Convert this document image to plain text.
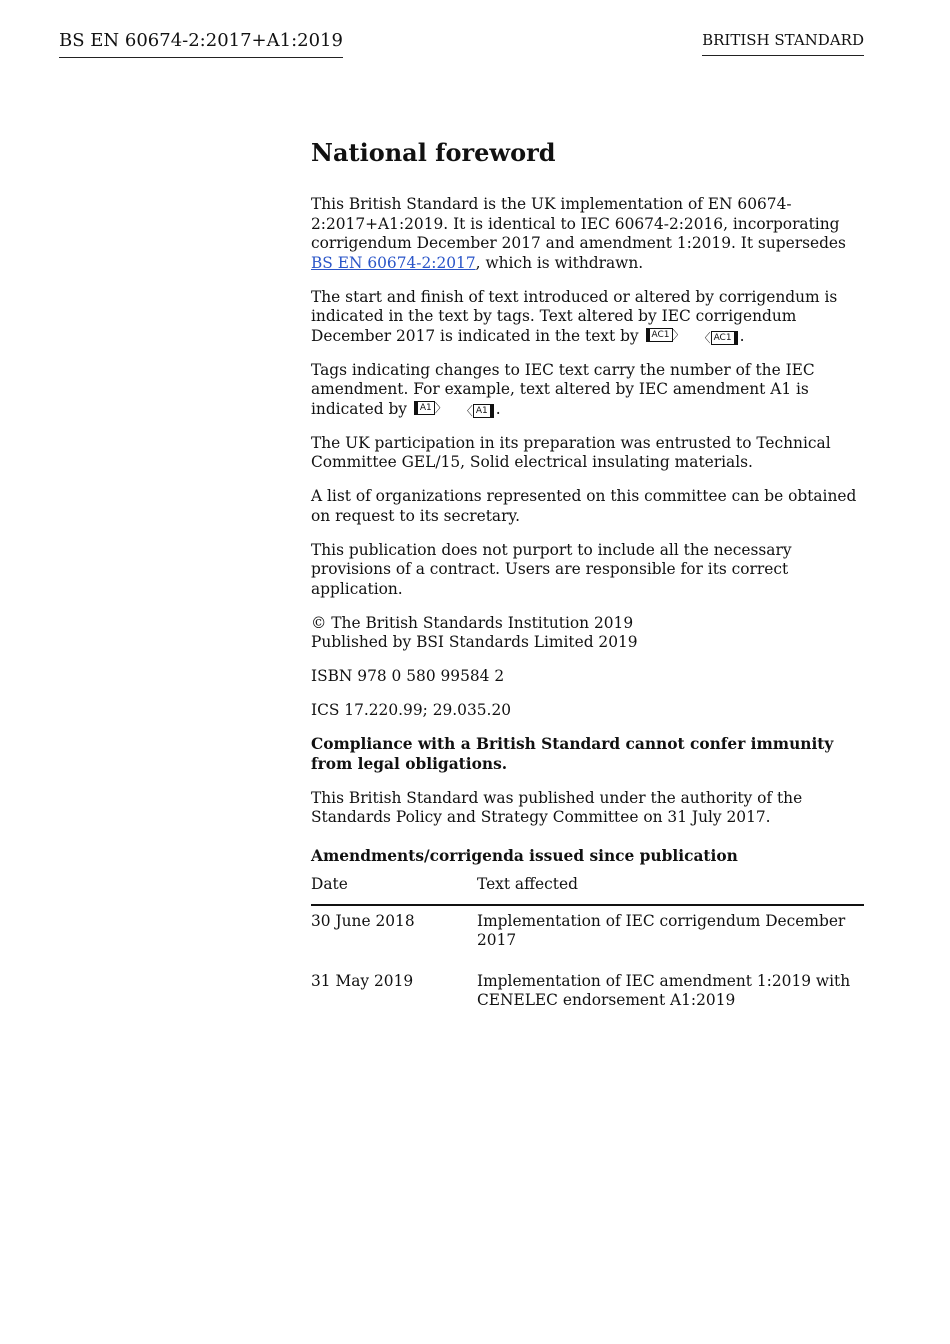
BS EN 60674-2:2017+A1:2019	BRITISH STANDARD
National foreword

This British Standard is the UK implementation of EN 60674-2:2017+A1:2019. It is identical to IEC 60674-2:2016, incorporating corrigendum December 2017 and amendment 1:2019. It supersedes BS EN 60674-2:2017, which is withdrawn.

The start and finish of text introduced or altered by corrigendum is indicated in the text by tags. Text altered by IEC corrigendum December 2017 is indicated in the text by AC1 〉 〈 AC1 .

Tags indicating changes to IEC text carry the number of the IEC amendment. For example, text altered by IEC amendment A1 is indicated by A1 〉 〈 A1 .

The UK participation in its preparation was entrusted to Technical Committee GEL/15, Solid electrical insulating materials.

A list of organizations represented on this committee can be obtained on request to its secretary.

This publication does not purport to include all the necessary provisions of a contract. Users are responsible for its correct application.

© The British Standards Institution 2019
Published by BSI Standards Limited 2019

ISBN 978 0 580 99584 2

ICS 17.220.99; 29.035.20

Compliance with a British Standard cannot confer immunity from legal obligations.

This British Standard was published under the authority of the Standards Policy and Strategy Committee on 31 July 2017.

Amendments/corrigenda issued since publication
Date	Text affected
30 June 2018	Implementation of IEC corrigendum December 2017
31 May 2019	Implementation of IEC amendment 1:2019 with CENELEC endorsement A1:2019
